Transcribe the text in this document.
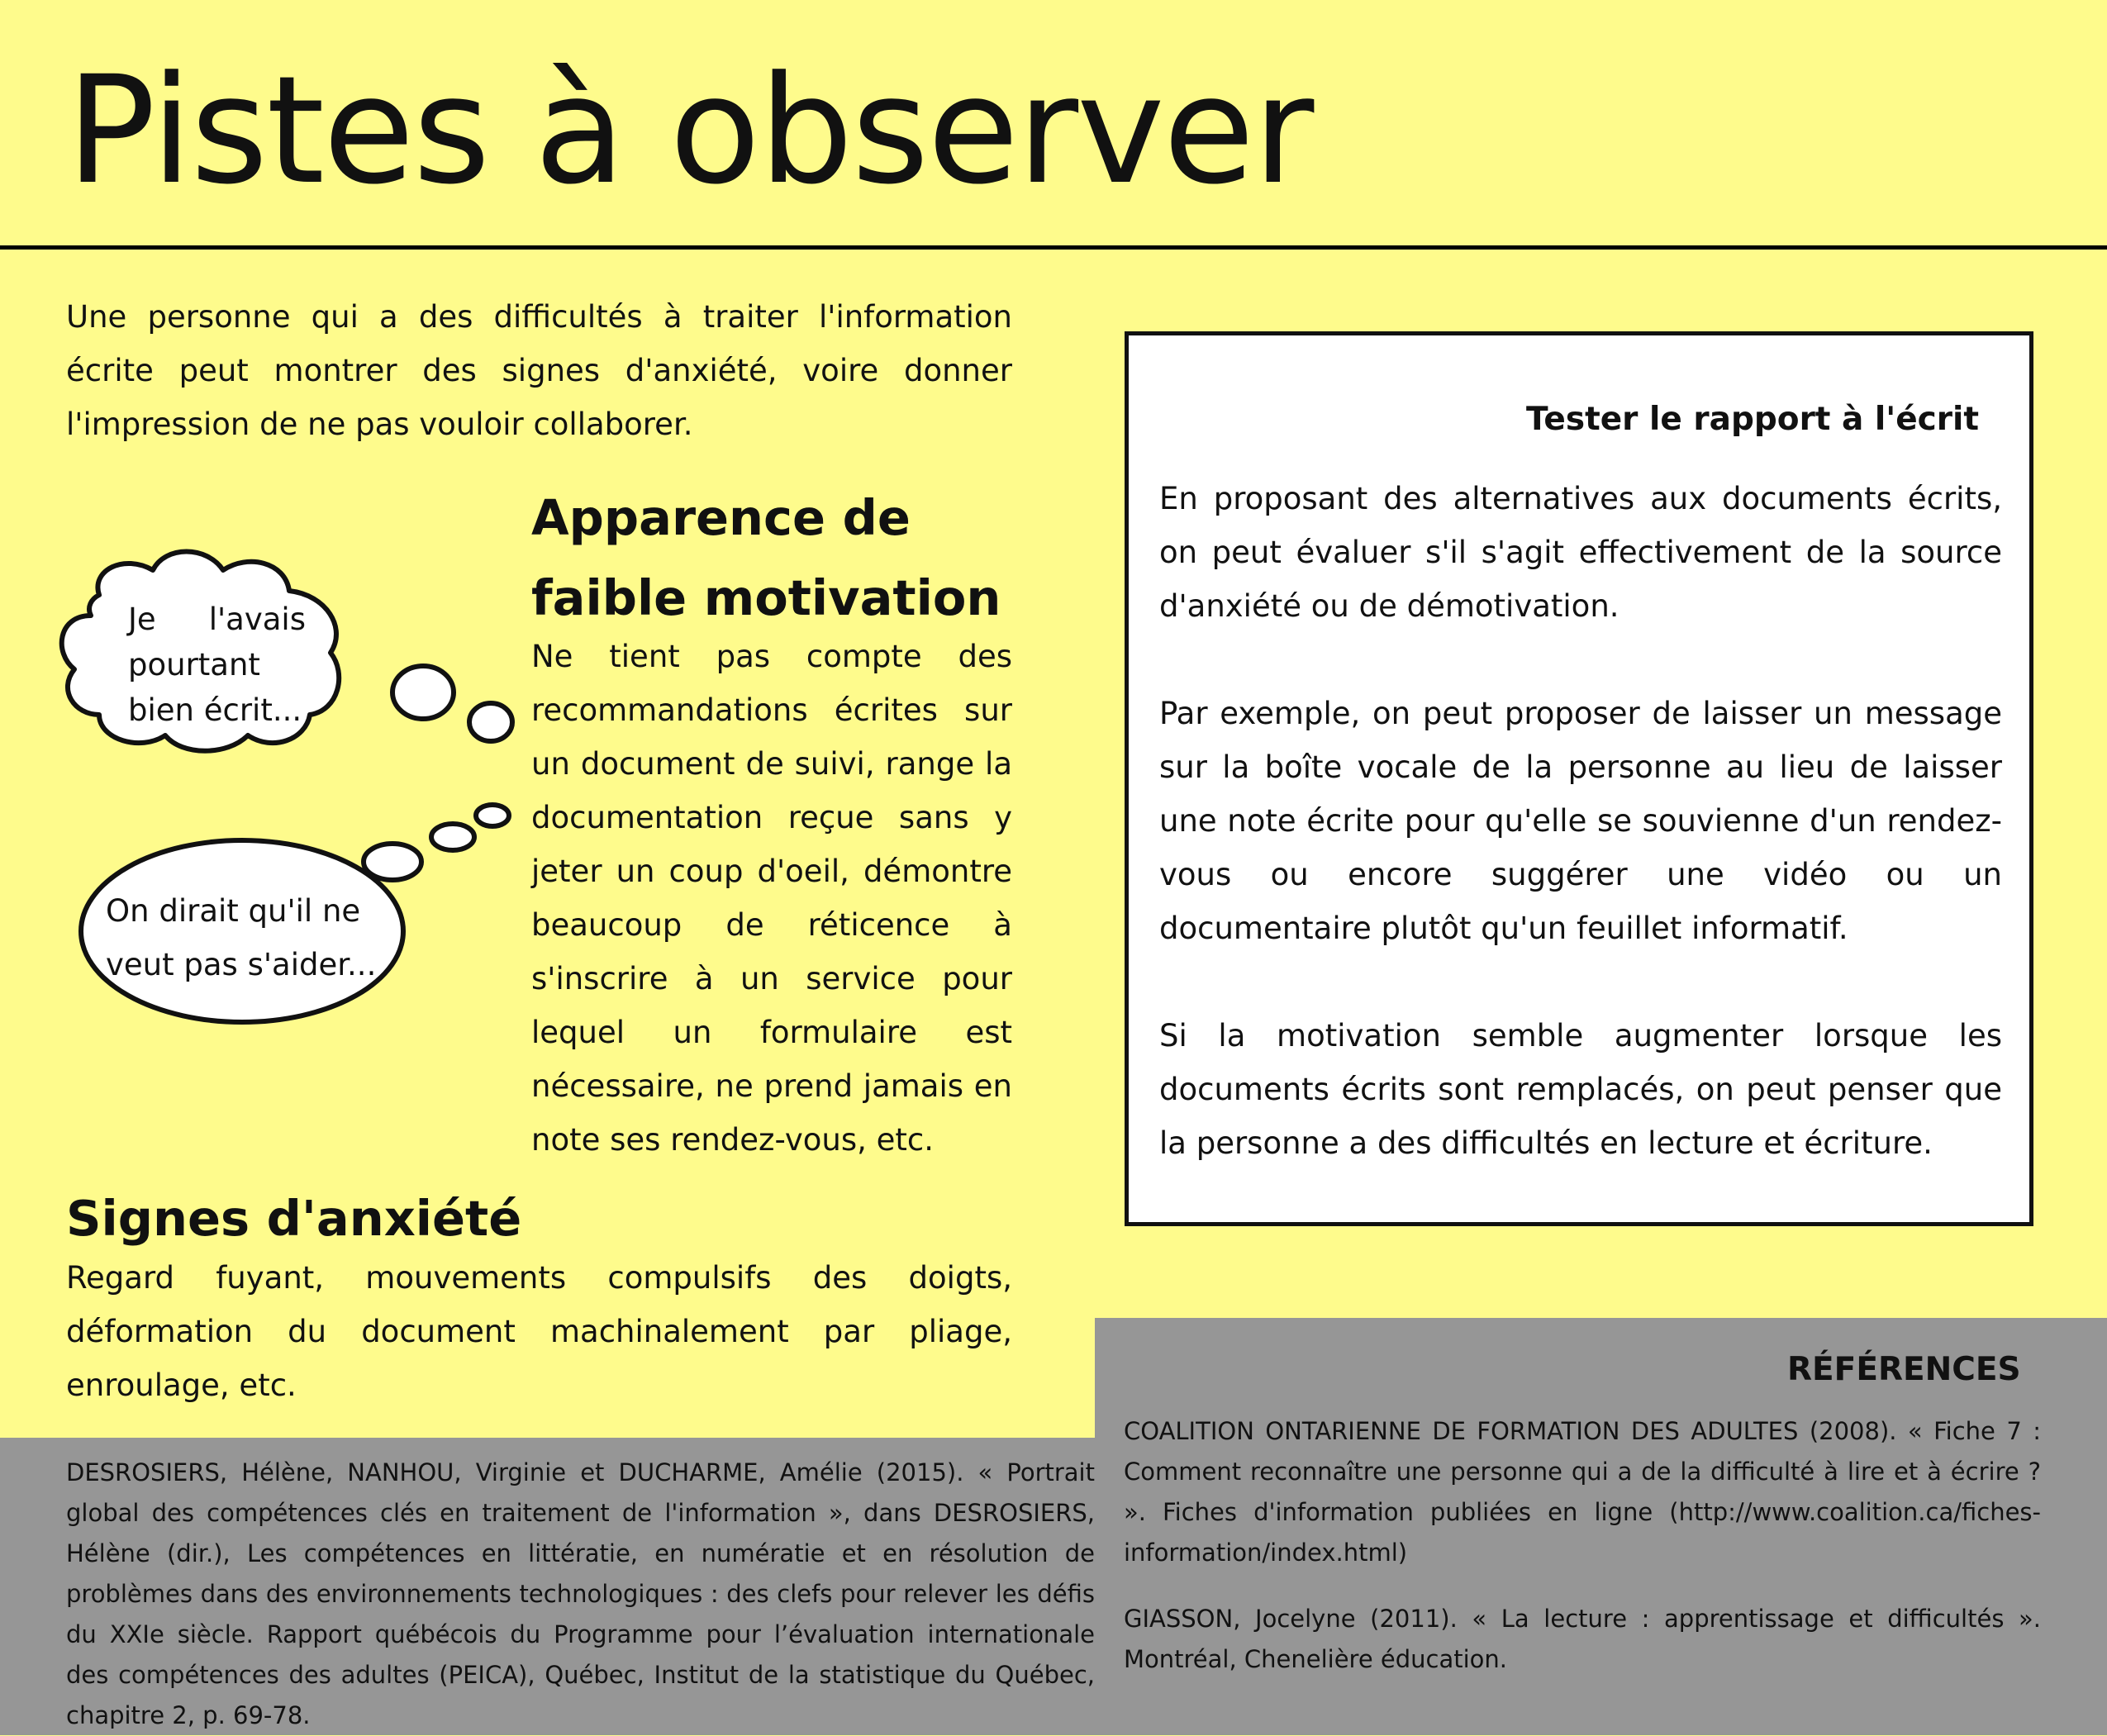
Pistes à observer

Une personne qui a des difficultés à traiter l'information écrite peut montrer des signes d'anxiété, voire donner l'impression de ne pas vouloir collaborer.

Apparence de faible motivation

Ne tient pas compte des recommandations écrites sur un document de suivi, range la documentation reçue sans y jeter un coup d'oeil, démontre beaucoup de réticence à s'inscrire à un service pour lequel un formulaire est nécessaire, ne prend jamais en note ses rendez-vous, etc.

Je l'avais pourtant bien écrit...
On dirait qu'il ne veut pas s'aider...
Signes d'anxiété

Regard fuyant, mouvements compulsifs des doigts, déformation du document machinalement par pliage, enroulage, etc.

Tester le rapport à l'écrit

En proposant des alternatives aux documents écrits, on peut évaluer s'il s'agit effectivement de la source d'anxiété ou de démotivation.

Par exemple, on peut proposer de laisser un message sur la boîte vocale de la personne au lieu de laisser une note écrite pour qu'elle se souvienne d'un rendez-vous ou encore suggérer une vidéo ou un documentaire plutôt qu'un feuillet informatif.

Si la motivation semble augmenter lorsque les documents écrits sont remplacés, on peut penser que la personne a des difficultés en lecture et écriture.

RÉFÉRENCES

DESROSIERS, Hélène, NANHOU, Virginie et DUCHARME, Amélie (2015). « Portrait global des compétences clés en traitement de l'information », dans DESROSIERS, Hélène (dir.), Les compétences en littératie, en numératie et en résolution de problèmes dans des environnements technologiques : des clefs pour relever les défis du XXIe siècle. Rapport québécois du Programme pour l’évaluation internationale des compétences des adultes (PEICA), Québec, Institut de la statistique du Québec, chapitre 2, p. 69-78.

COALITION ONTARIENNE DE FORMATION DES ADULTES (2008). « Fiche 7 : Comment reconnaître une personne qui a de la difficulté à lire et à écrire ? ». Fiches d'information publiées en ligne (http://www.coalition.ca/fiches-information/index.html)

GIASSON, Jocelyne (2011). « La lecture : apprentissage et difficultés ». Montréal, Chenelière éducation.
